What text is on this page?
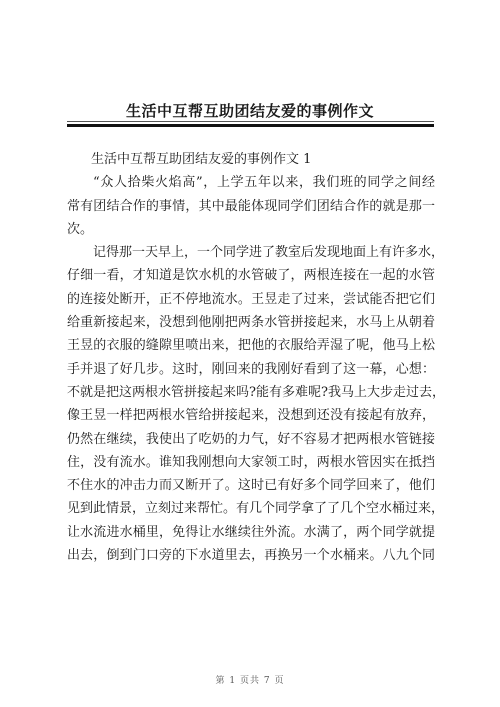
生活中互帮互助团结友爱的事例作文
生活中互帮互助团结友爱的事例作文 1
“众人拾柴火焰高”，上学五年以来，我们班的同学之间经
常有团结合作的事情，其中最能体现同学们团结合作的就是那一
次。
记得那一天早上，一个同学进了教室后发现地面上有许多水，
仔细一看，才知道是饮水机的水管破了，两根连接在一起的水管
的连接处断开，正不停地流水。王昱走了过来，尝试能否把它们
给重新接起来，没想到他刚把两条水管拼接起来，水马上从朝着
王昱的衣服的缝隙里喷出来，把他的衣服给弄湿了呢，他马上松
手并退了好几步。这时，刚回来的我刚好看到了这一幕，心想：
不就是把这两根水管拼接起来吗?能有多难呢?我马上大步走过去，
像王昱一样把两根水管给拼接起来，没想到还没有接起有放弃，
仍然在继续，我使出了吃奶的力气，好不容易才把两根水管链接
住，没有流水。谁知我刚想向大家领工时，两根水管因实在抵挡
不住水的冲击力而又断开了。这时已有好多个同学回来了，他们
见到此情景，立刻过来帮忙。有几个同学拿了了几个空水桶过来，
让水流进水桶里，免得让水继续往外流。水满了，两个同学就提
出去，倒到门口旁的下水道里去，再换另一个水桶来。八九个同
第 1 页共 7 页
